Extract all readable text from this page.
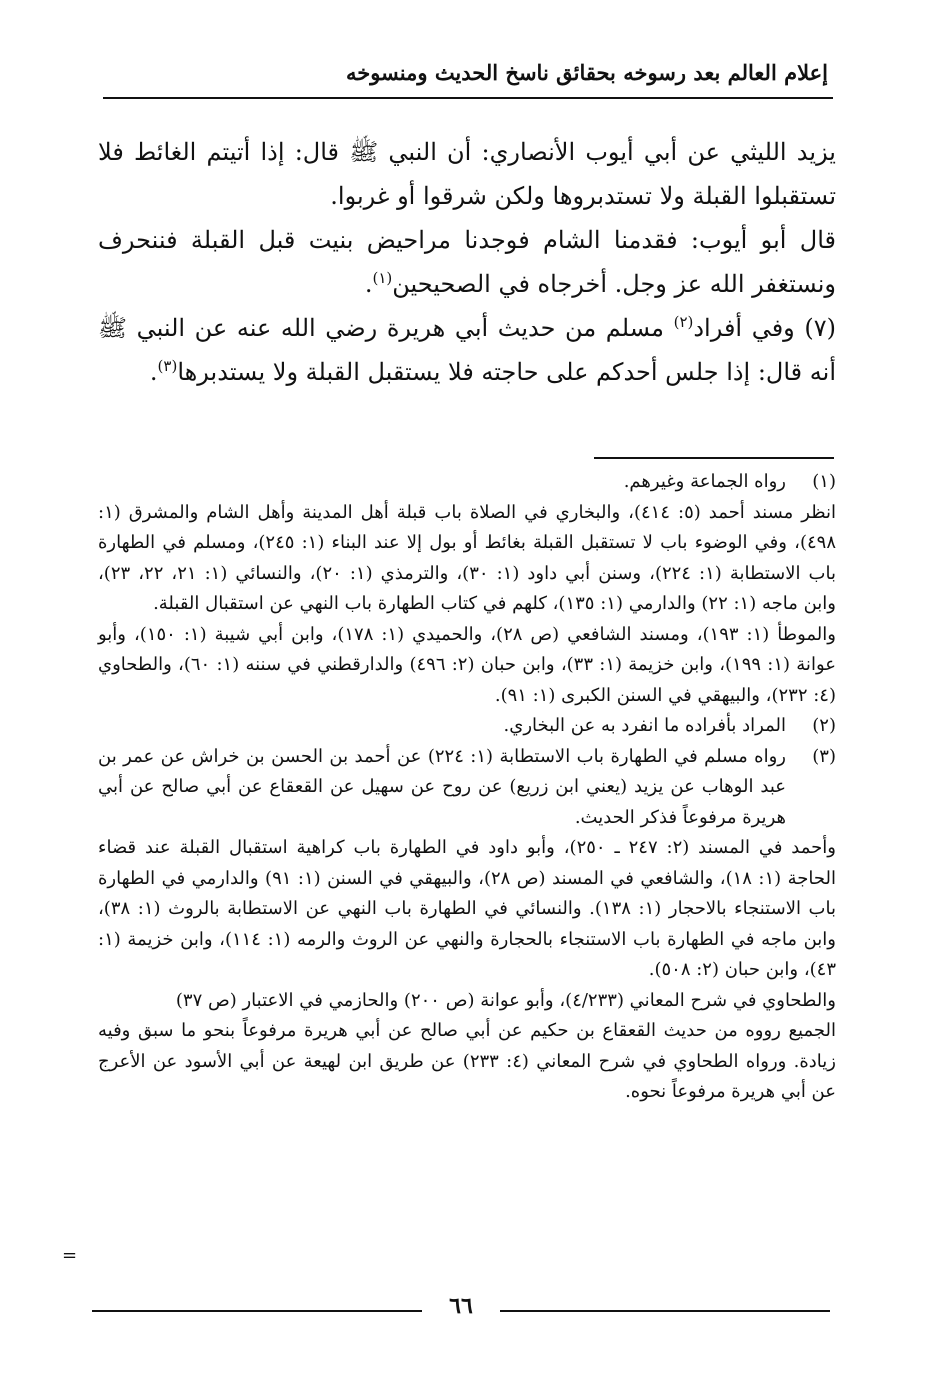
إعلام العالم بعد رسوخه بحقائق ناسخ الحديث ومنسوخه

يزيد الليثي عن أبي أيوب الأنصاري: أن النبي ﷺ قال: إذا أتيتم الغائط فلا تستقبلوا القبلة ولا تستدبروها ولكن شرقوا أو غربوا.

قال أبو أيوب: فقدمنا الشام فوجدنا مراحيض بنيت قبل القبلة فننحرف ونستغفر الله عز وجل. أخرجاه في الصحيحين$^{(١)}$.

(٧) وفي أفراد$^{(٢)}$ مسلم من حديث أبي هريرة رضي الله عنه عن النبي ﷺ أنه قال: إذا جلس أحدكم على حاجته فلا يستقبل القبلة ولا يستدبرها$^{(٣)}$.

(١)

رواه الجماعة وغيرهم.

انظر مسند أحمد (٥: ٤١٤)، والبخاري في الصلاة باب قبلة أهل المدينة وأهل الشام والمشرق (١: ٤٩٨)، وفي الوضوء باب لا تستقبل القبلة بغائط أو بول إلا عند البناء (١: ٢٤٥)، ومسلم في الطهارة باب الاستطابة (١: ٢٢٤)، وسنن أبي داود (١: ٣٠)، والترمذي (١: ٢٠)، والنسائي (١: ٢١، ٢٢، ٢٣)، وابن ماجه (١: ٢٢) والدارمي (١: ١٣٥)، كلهم في كتاب الطهارة باب النهي عن استقبال القبلة.

والموطأ (١: ١٩٣)، ومسند الشافعي (ص ٢٨)، والحميدي (١: ١٧٨)، وابن أبي شيبة (١: ١٥٠)، وأبو عوانة (١: ١٩٩)، وابن خزيمة (١: ٣٣)، وابن حبان (٢: ٤٩٦) والدارقطني في سننه (١: ٦٠)، والطحاوي (٤: ٢٣٢)، والبيهقي في السنن الكبرى (١: ٩١).

(٢)
المراد بأفراده ما انفرد به عن البخاري.
(٣)
رواه مسلم في الطهارة باب الاستطابة (١: ٢٢٤) عن أحمد بن الحسن بن خراش عن عمر بن عبد الوهاب عن يزيد (يعني ابن زريع) عن روح عن سهيل عن القعقاع عن أبي صالح عن أبي هريرة مرفوعاً فذكر الحديث.

وأحمد في المسند (٢: ٢٤٧ ـ ٢٥٠)، وأبو داود في الطهارة باب كراهية استقبال القبلة عند قضاء الحاجة (١: ١٨)، والشافعي في المسند (ص ٢٨)، والبيهقي في السنن (١: ٩١) والدارمي في الطهارة باب الاستنجاء بالاحجار (١: ١٣٨). والنسائي في الطهارة باب النهي عن الاستطابة بالروث (١: ٣٨)، وابن ماجه في الطهارة باب الاستنجاء بالحجارة والنهي عن الروث والرمه (١: ١١٤)، وابن خزيمة (١: ٤٣)، وابن حبان (٢: ٥٠٨).

والطحاوي في شرح المعاني (٤/٢٣٣)، وأبو عوانة (ص ٢٠٠) والحازمي في الاعتبار (ص ٣٧)

الجميع رووه من حديث القعقاع بن حكيم عن أبي صالح عن أبي هريرة مرفوعاً بنحو ما سبق وفيه زيادة. ورواه الطحاوي في شرح المعاني (٤: ٢٣٣) عن طريق ابن لهيعة عن أبي الأسود عن الأعرج عن أبي هريرة مرفوعاً نحوه.

=
٦٦
